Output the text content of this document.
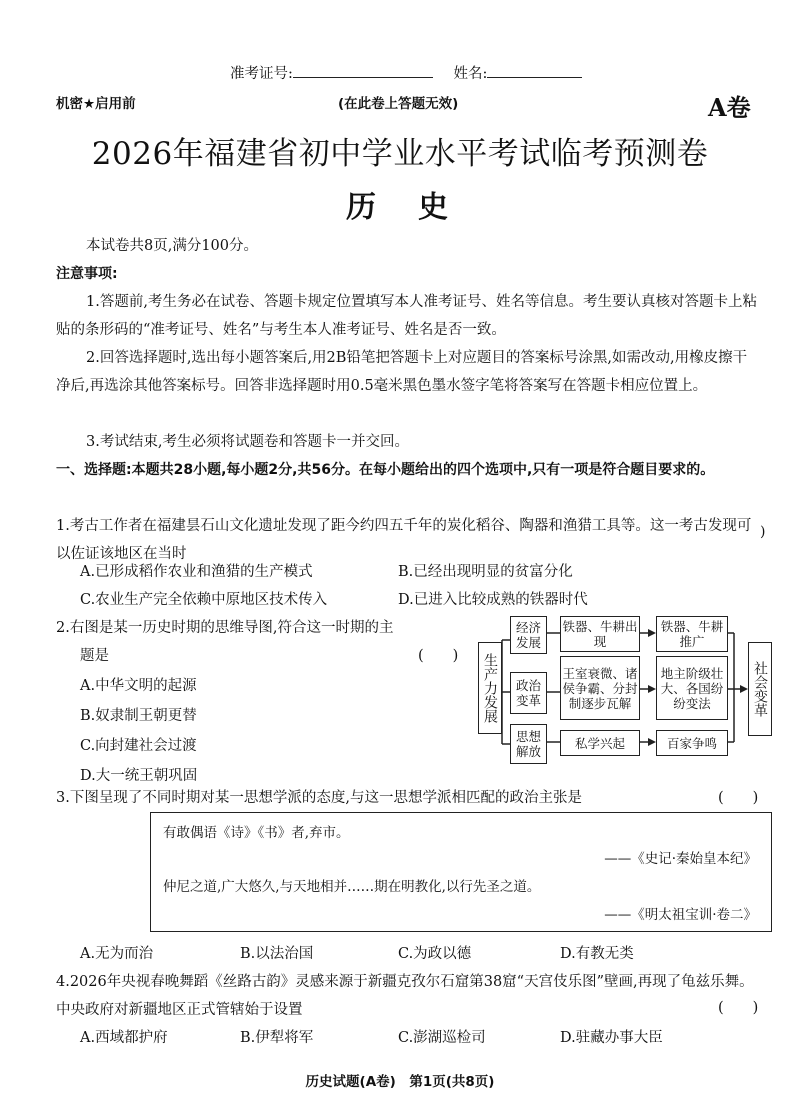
准考证号:	姓名:
机密★启用前	(在此卷上答题无效)	A卷
2026年福建省初中学业水平考试临考预测卷
历　史
本试卷共8页,满分100分。
注意事项:
1.答题前,考生务必在试卷、答题卡规定位置填写本人准考证号、姓名等信息。考生要认真核对答题卡上粘贴的条形码的“准考证号、姓名”与考生本人准考证号、姓名是否一致。
2.回答选择题时,选出每小题答案后,用2B铅笔把答题卡上对应题目的答案标号涂黑,如需改动,用橡皮擦干净后,再选涂其他答案标号。回答非选择题时用0.5毫米黑色墨水签字笔将答案写在答题卡相应位置上。
3.考试结束,考生必须将试题卷和答题卡一并交回。
一、选择题:本题共28小题,每小题2分,共56分。在每小题给出的四个选项中,只有一项是符合题目要求的。
1.考古工作者在福建昙石山文化遗址发现了距今约四五千年的炭化稻谷、陶器和渔猎工具等。这一考古发现可以佐证该地区在当时
)
A.已形成稻作农业和渔猎的生产模式	B.已经出现明显的贫富分化
C.农业生产完全依赖中原地区技术传入	D.已进入比较成熟的铁器时代
2.右图是某一历史时期的思维导图,符合这一时期的主
题是	(　　)
A.中华文明的起源
B.奴隶制王朝更替
C.向封建社会过渡
D.大一统王朝巩固
生产力发展
经济发展
政治变革
思想解放
铁器、牛耕出现
铁器、牛耕推广
王室衰微、诸侯争霸、分封制逐步瓦解
地主阶级壮大、各国纷纷变法
私学兴起	百家争鸣
社会变革
3.下图呈现了不同时期对某一思想学派的态度,与这一思想学派相匹配的政治主张是	(　　)
有敢偶语《诗》《书》者,弃市。
——《史记·秦始皇本纪》
仲尼之道,广大悠久,与天地相并……期在明教化,以行先圣之道。
——《明太祖宝训·卷二》
A.无为而治	B.以法治国	C.为政以德	D.有教无类
4.2026年央视春晚舞蹈《丝路古韵》灵感来源于新疆克孜尔石窟第38窟“天宫伎乐图”壁画,再现了龟兹乐舞。中央政府对新疆地区正式管辖始于设置	(　　)
A.西域都护府	B.伊犁将军	C.澎湖巡检司	D.驻藏办事大臣
历史试题(A卷)　第1页(共8页)
